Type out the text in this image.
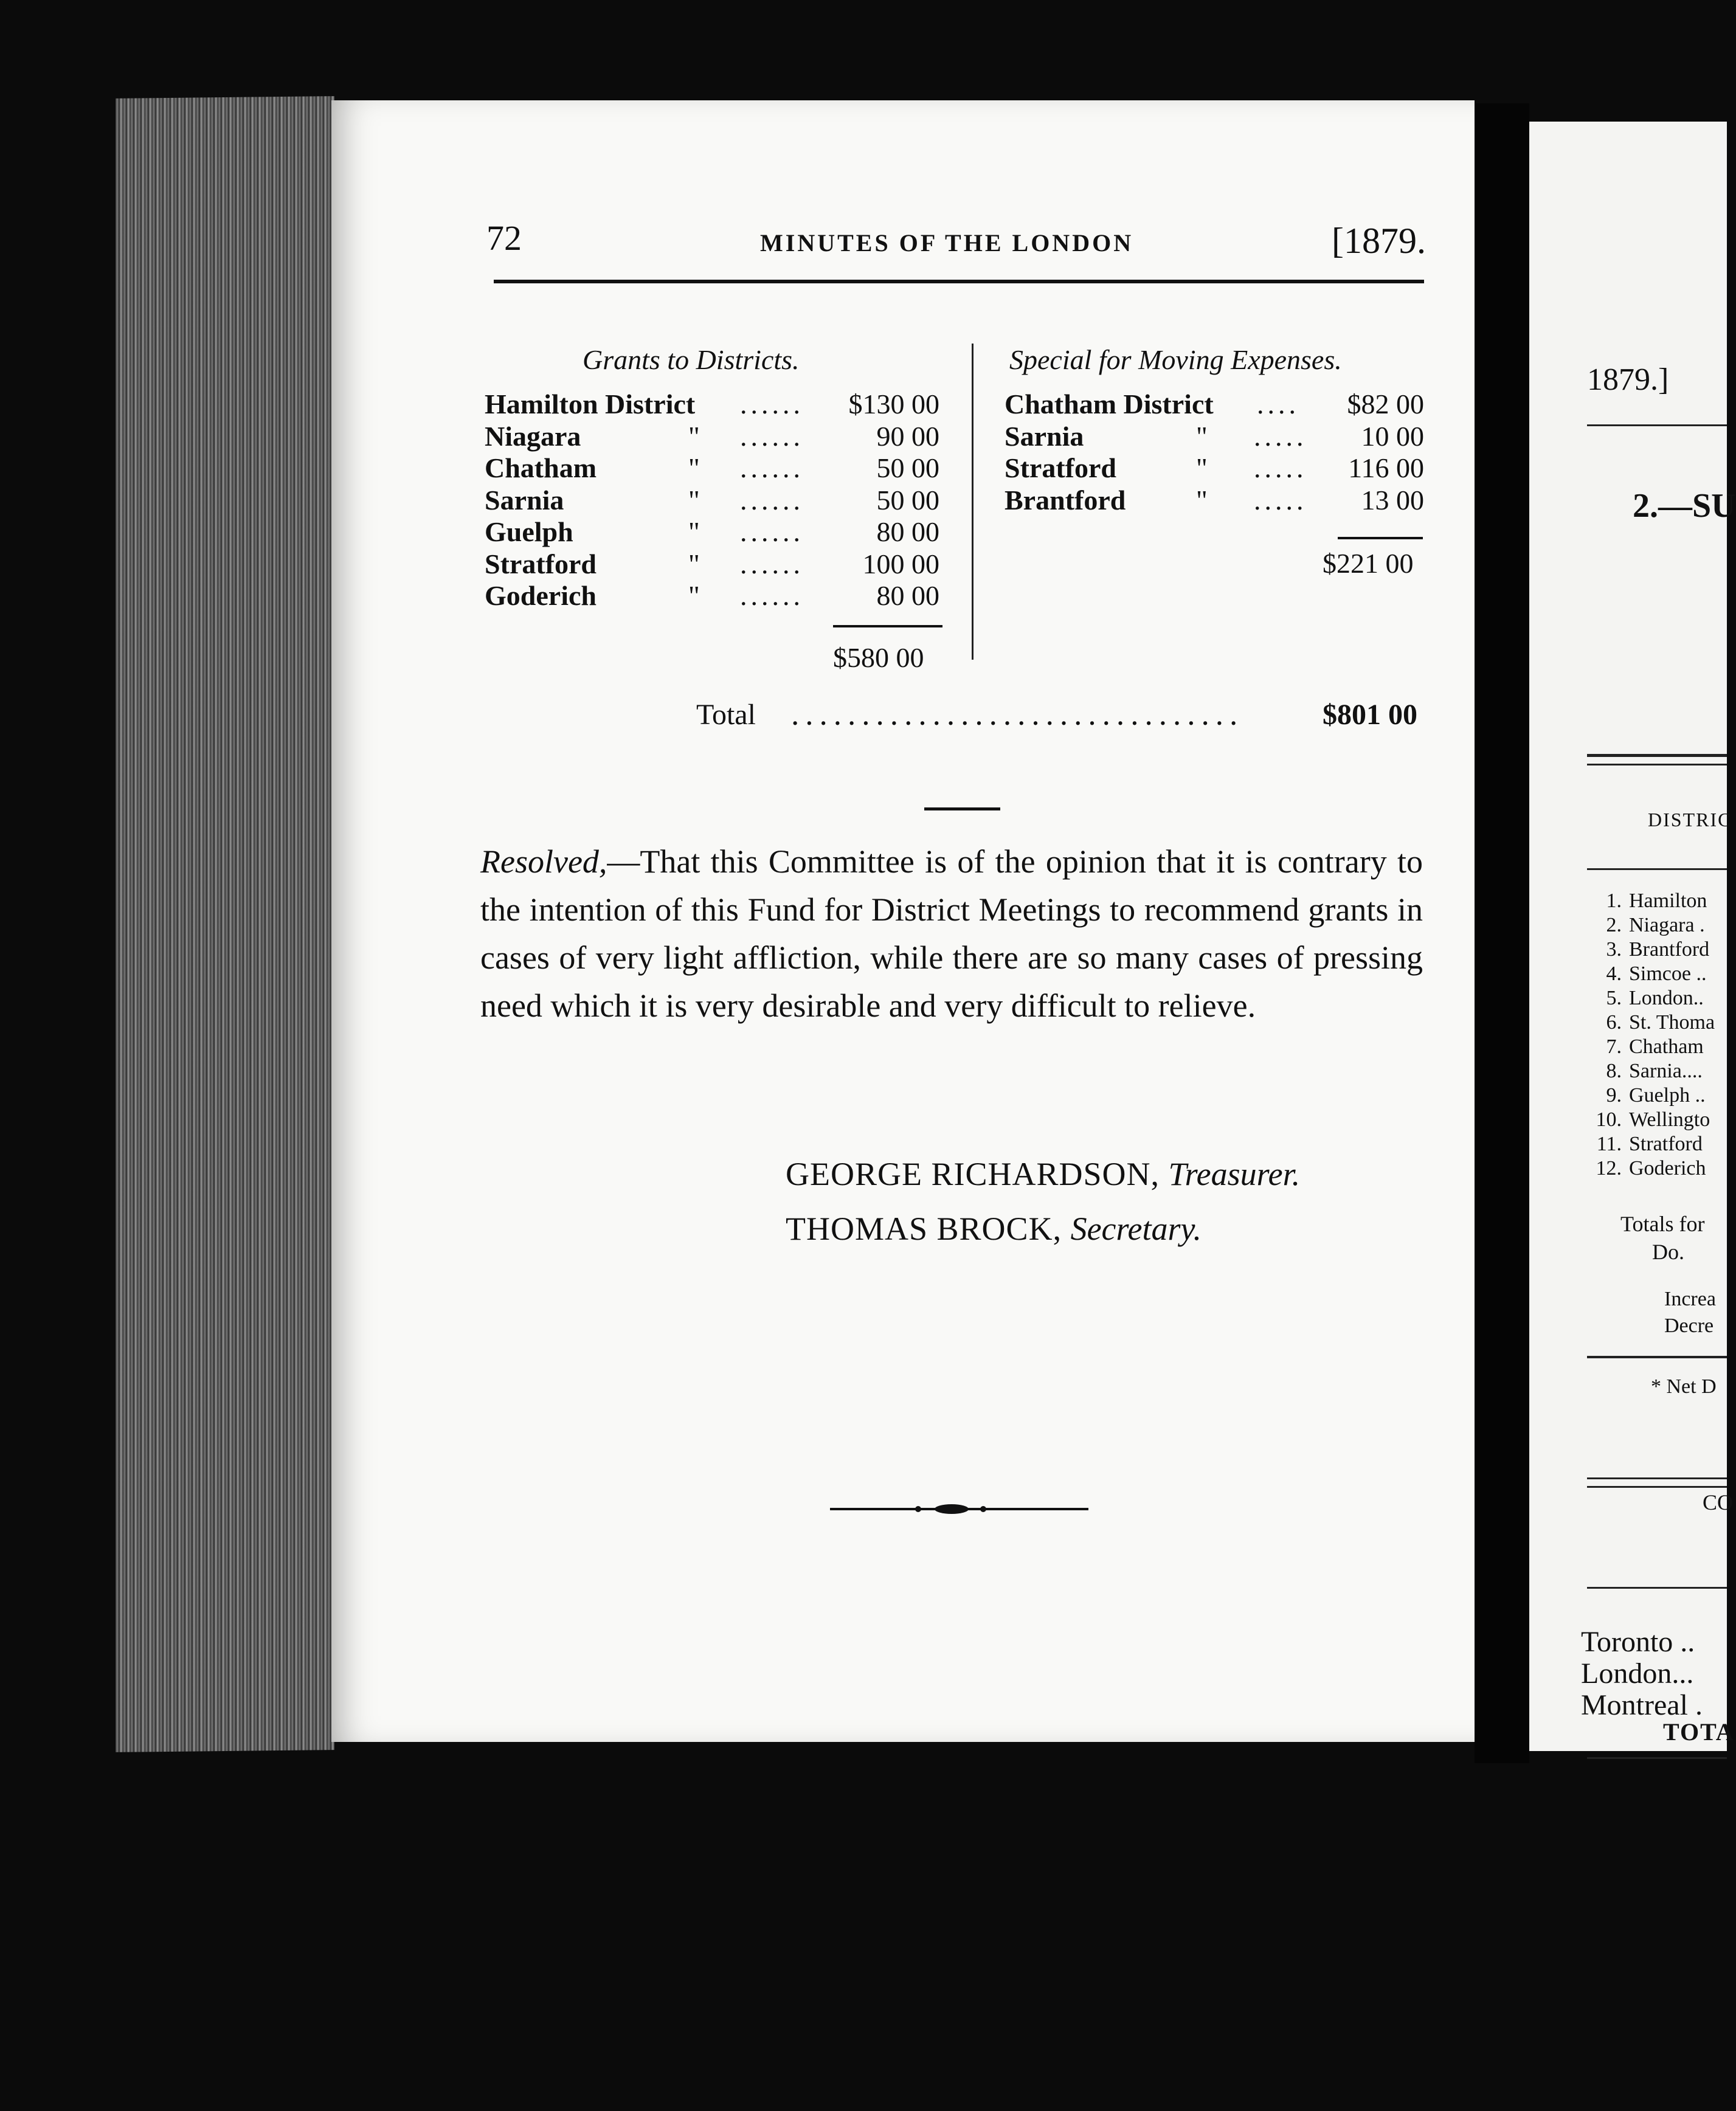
1879.]
2.—SU
DISTRIC
1. Hamilton
2. Niagara .
3. Brantford
4. Simcoe ..
5. London..
6. St. Thoma
7. Chatham
8. Sarnia....
9. Guelph ..
10. Wellingto
11. Stratford
12. Goderich
Totals for
Do.
Increa
Decre
* Net D
CO
Toronto ..
London...
Montreal .
TOTA
72	MINUTES OF THE LONDON	[1879.
Grants to Districts.	Special for Moving Expenses.
Hamilton District ...... $130 00
Niagara	" ......	90 00
Chatham	" ......	50 00
Sarnia	" ......	50 00
Guelph	" ......	80 00
Stratford	" ......	100 00
Goderich	" ......	80 00
$580 00
Chatham District ....	$82 00
Sarnia	" .....	10 00
Stratford	" .....	116 00
Brantford	" .....	13 00
$221 00
Total ................................	$801 00
Resolved,—That this Committee is of the opinion that it is contrary to the intention of this Fund for District Meetings to recommend grants in cases of very light affliction, while there are so many cases of pressing need which it is very desirable and very difficult to relieve.
GEORGE RICHARDSON, Treasurer.
THOMAS BROCK, Secretary.
